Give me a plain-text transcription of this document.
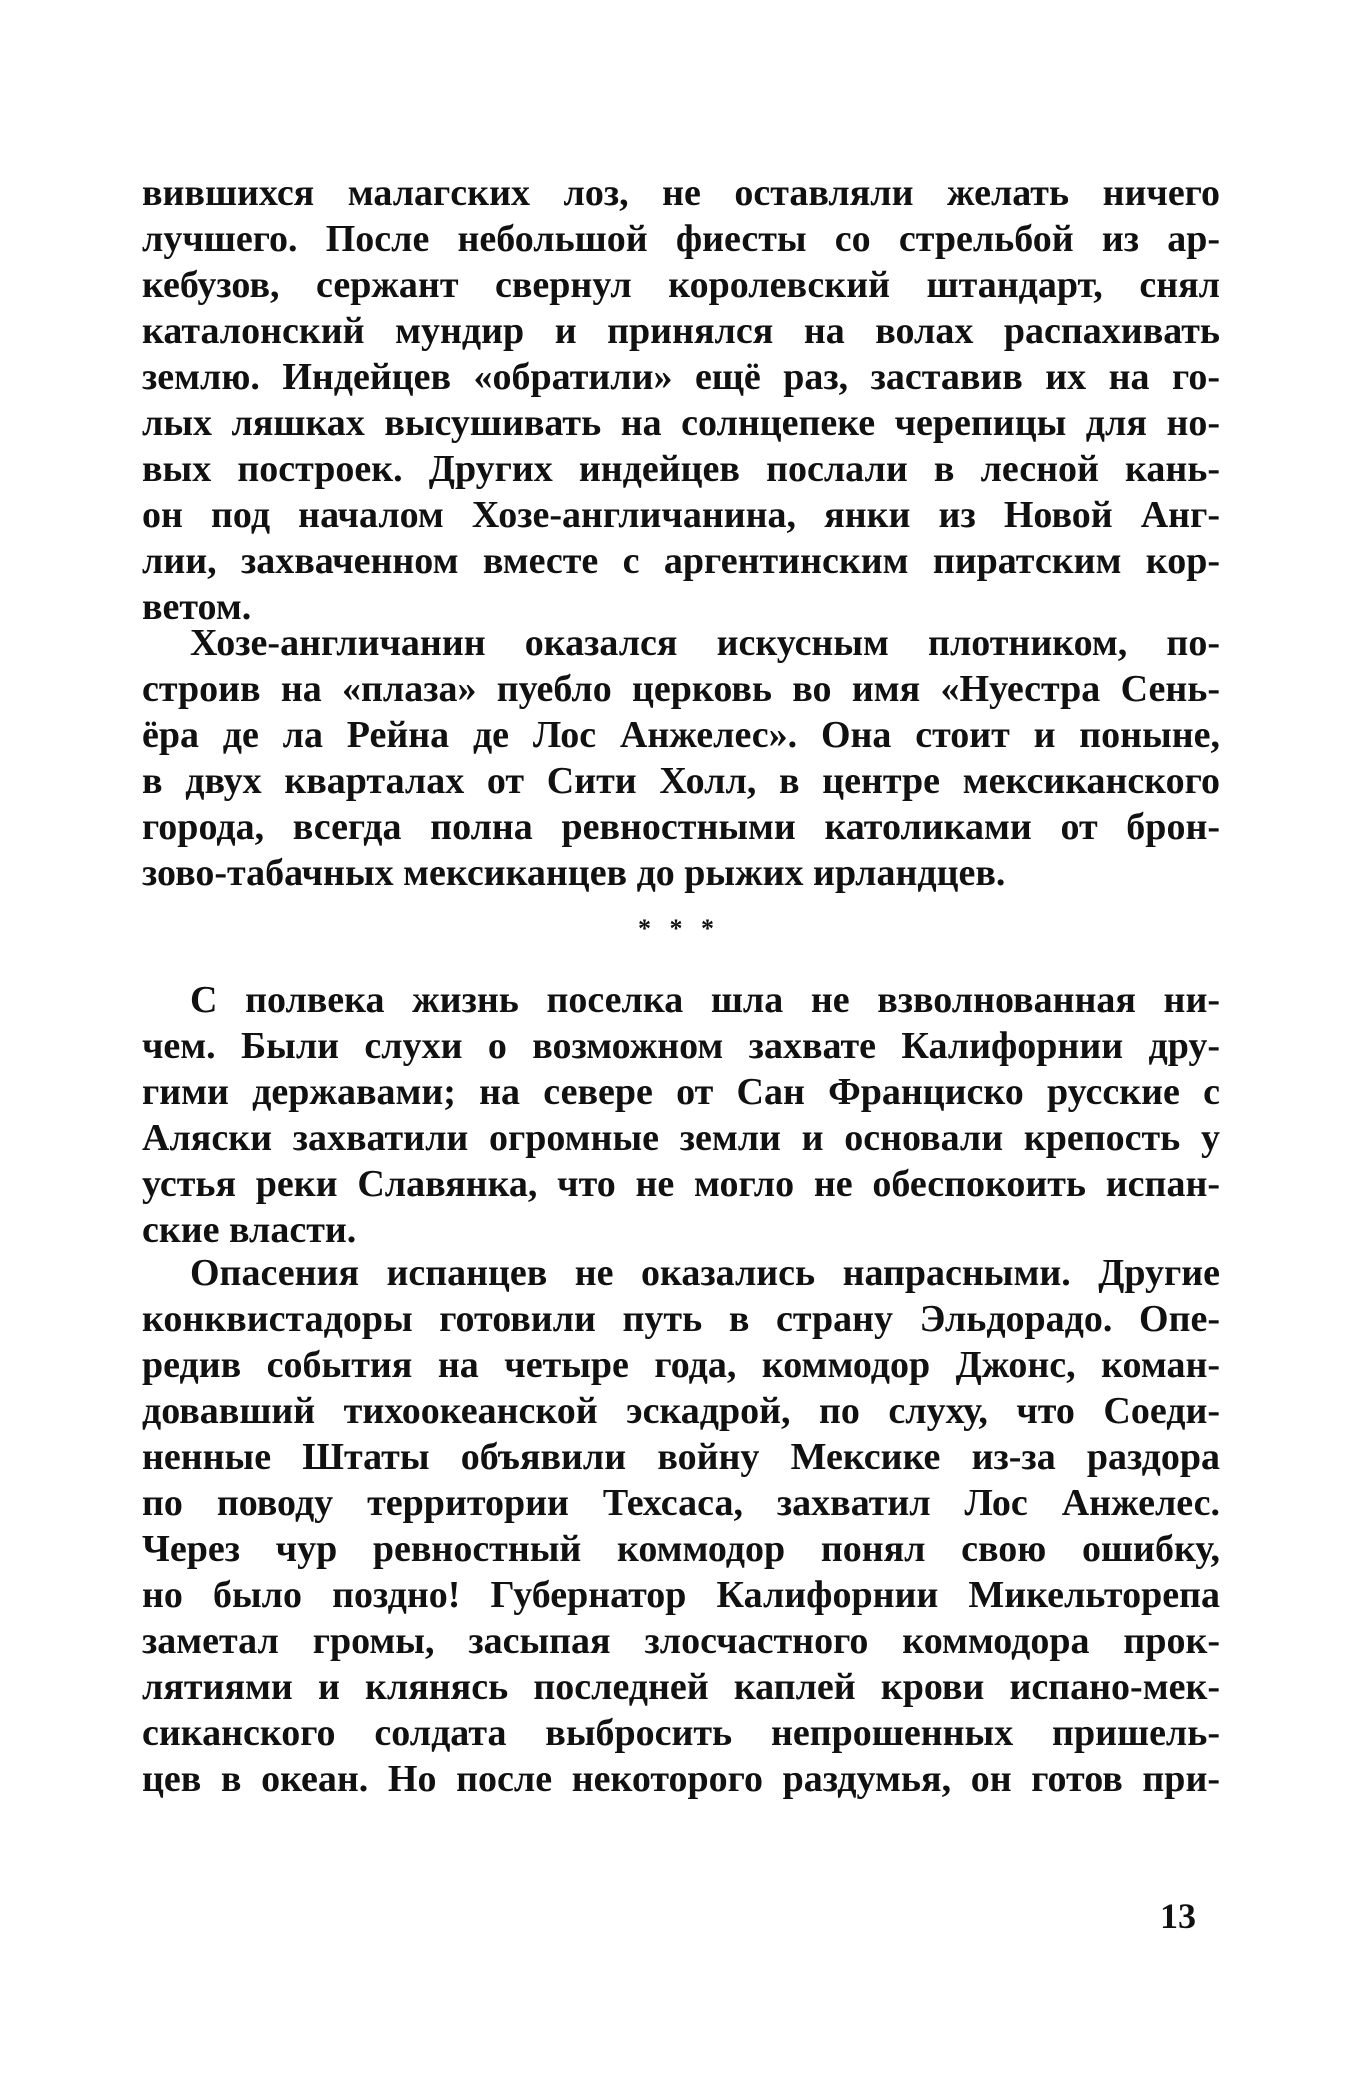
вившихся малагских лоз, не оставляли желать ничего
лучшего. После небольшой фиесты со стрельбой из ар-
кебузов, сержант свернул королевский штандарт, снял
каталонский мундир и принялся на волах распахивать
землю. Индейцев «обратили» ещё раз, заставив их на го-
лых ляшках высушивать на солнцепеке черепицы для но-
вых построек. Других индейцев послали в лесной кань-
он под началом Хозе-англичанина, янки из Новой Анг-
лии, захваченном вместе с аргентинским пиратским кор-
ветом.
Хозе-англичанин оказался искусным плотником, по-
строив на «плаза» пуебло церковь во имя «Нуестра Сень-
ёра де ла Рейна де Лос Анжелес». Она стоит и поныне,
в двух кварталах от Сити Холл, в центре мексиканского
города, всегда полна ревностными католиками от брон-
зово-табачных мексиканцев до рыжих ирландцев.
* * *
С полвека жизнь поселка шла не взволнованная ни-
чем. Были слухи о возможном захвате Калифорнии дру-
гими державами; на севере от Сан Франциско русские с
Аляски захватили огромные земли и основали крепость у
устья реки Славянка, что не могло не обеспокоить испан-
ские власти.
Опасения испанцев не оказались напрасными. Другие
конквистадоры готовили путь в страну Эльдорадо. Опе-
редив события на четыре года, коммодор Джонс, коман-
довавший тихоокеанской эскадрой, по слуху, что Соеди-
ненные Штаты объявили войну Мексике из-за раздора
по поводу территории Техсаса, захватил Лос Анжелес.
Через чур ревностный коммодор понял свою ошибку,
но было поздно! Губернатор Калифорнии Микельторепа
заметал громы, засыпая злосчастного коммодора прок-
лятиями и клянясь последней каплей крови испано-мек-
сиканского солдата выбросить непрошенных пришель-
цев в океан. Но после некоторого раздумья, он готов при-
13
